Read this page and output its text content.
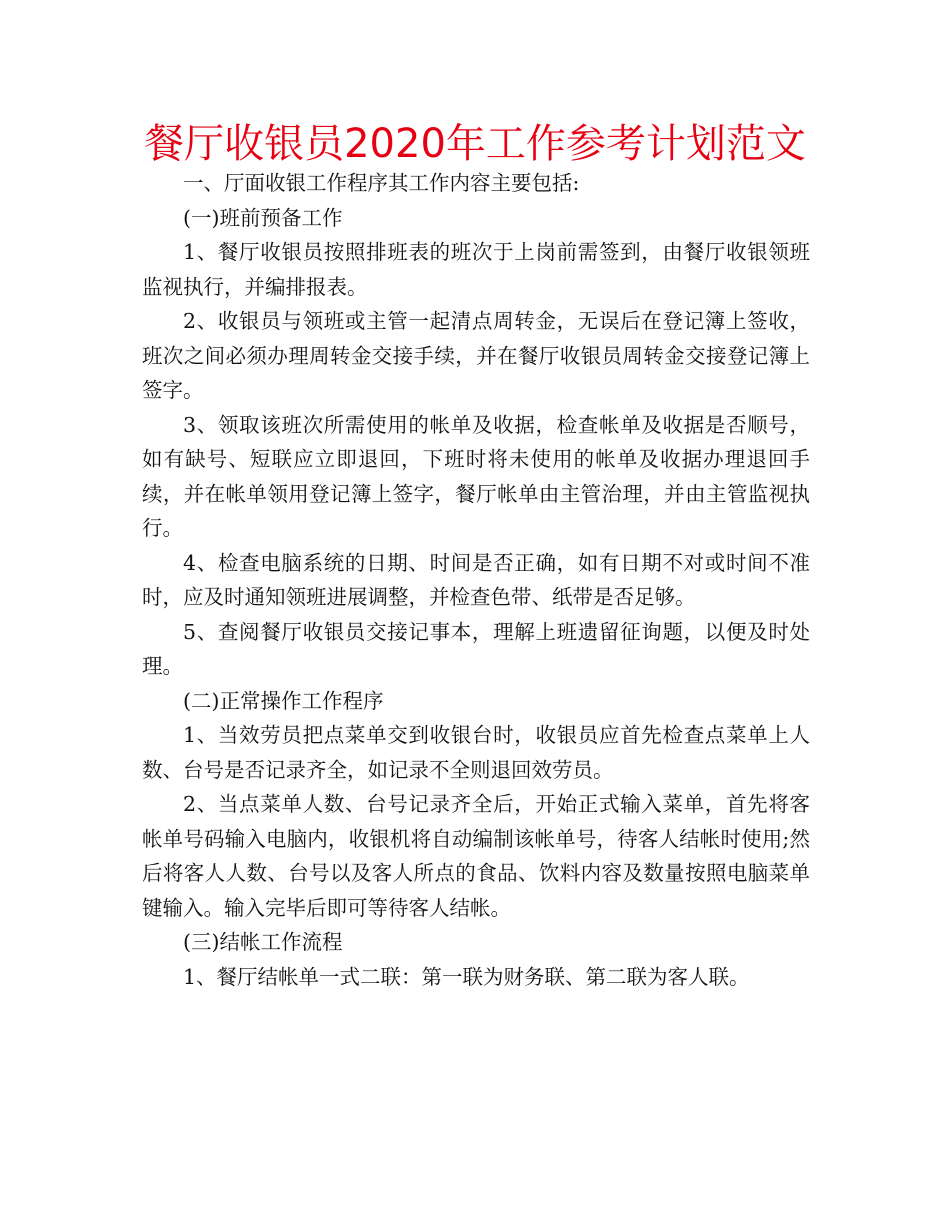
餐厅收银员2020年工作参考计划范文

一、厅面收银工作程序其工作内容主要包括:

(一)班前预备工作

1、餐厅收银员按照排班表的班次于上岗前需签到，由餐厅收银领班监视执行，并编排报表。

2、收银员与领班或主管一起清点周转金，无误后在登记簿上签收，班次之间必须办理周转金交接手续，并在餐厅收银员周转金交接登记簿上签字。

3、领取该班次所需使用的帐单及收据，检查帐单及收据是否顺号，如有缺号、短联应立即退回，下班时将未使用的帐单及收据办理退回手续，并在帐单领用登记簿上签字，餐厅帐单由主管治理，并由主管监视执行。

4、检查电脑系统的日期、时间是否正确，如有日期不对或时间不准时，应及时通知领班进展调整，并检查色带、纸带是否足够。

5、查阅餐厅收银员交接记事本，理解上班遗留征询题，以便及时处理。

(二)正常操作工作程序

1、当效劳员把点菜单交到收银台时，收银员应首先检查点菜单上人数、台号是否记录齐全，如记录不全则退回效劳员。

2、当点菜单人数、台号记录齐全后，开始正式输入菜单，首先将客帐单号码输入电脑内，收银机将自动编制该帐单号，待客人结帐时使用;然后将客人人数、台号以及客人所点的食品、饮料内容及数量按照电脑菜单键输入。输入完毕后即可等待客人结帐。

(三)结帐工作流程

1、餐厅结帐单一式二联：第一联为财务联、第二联为客人联。
